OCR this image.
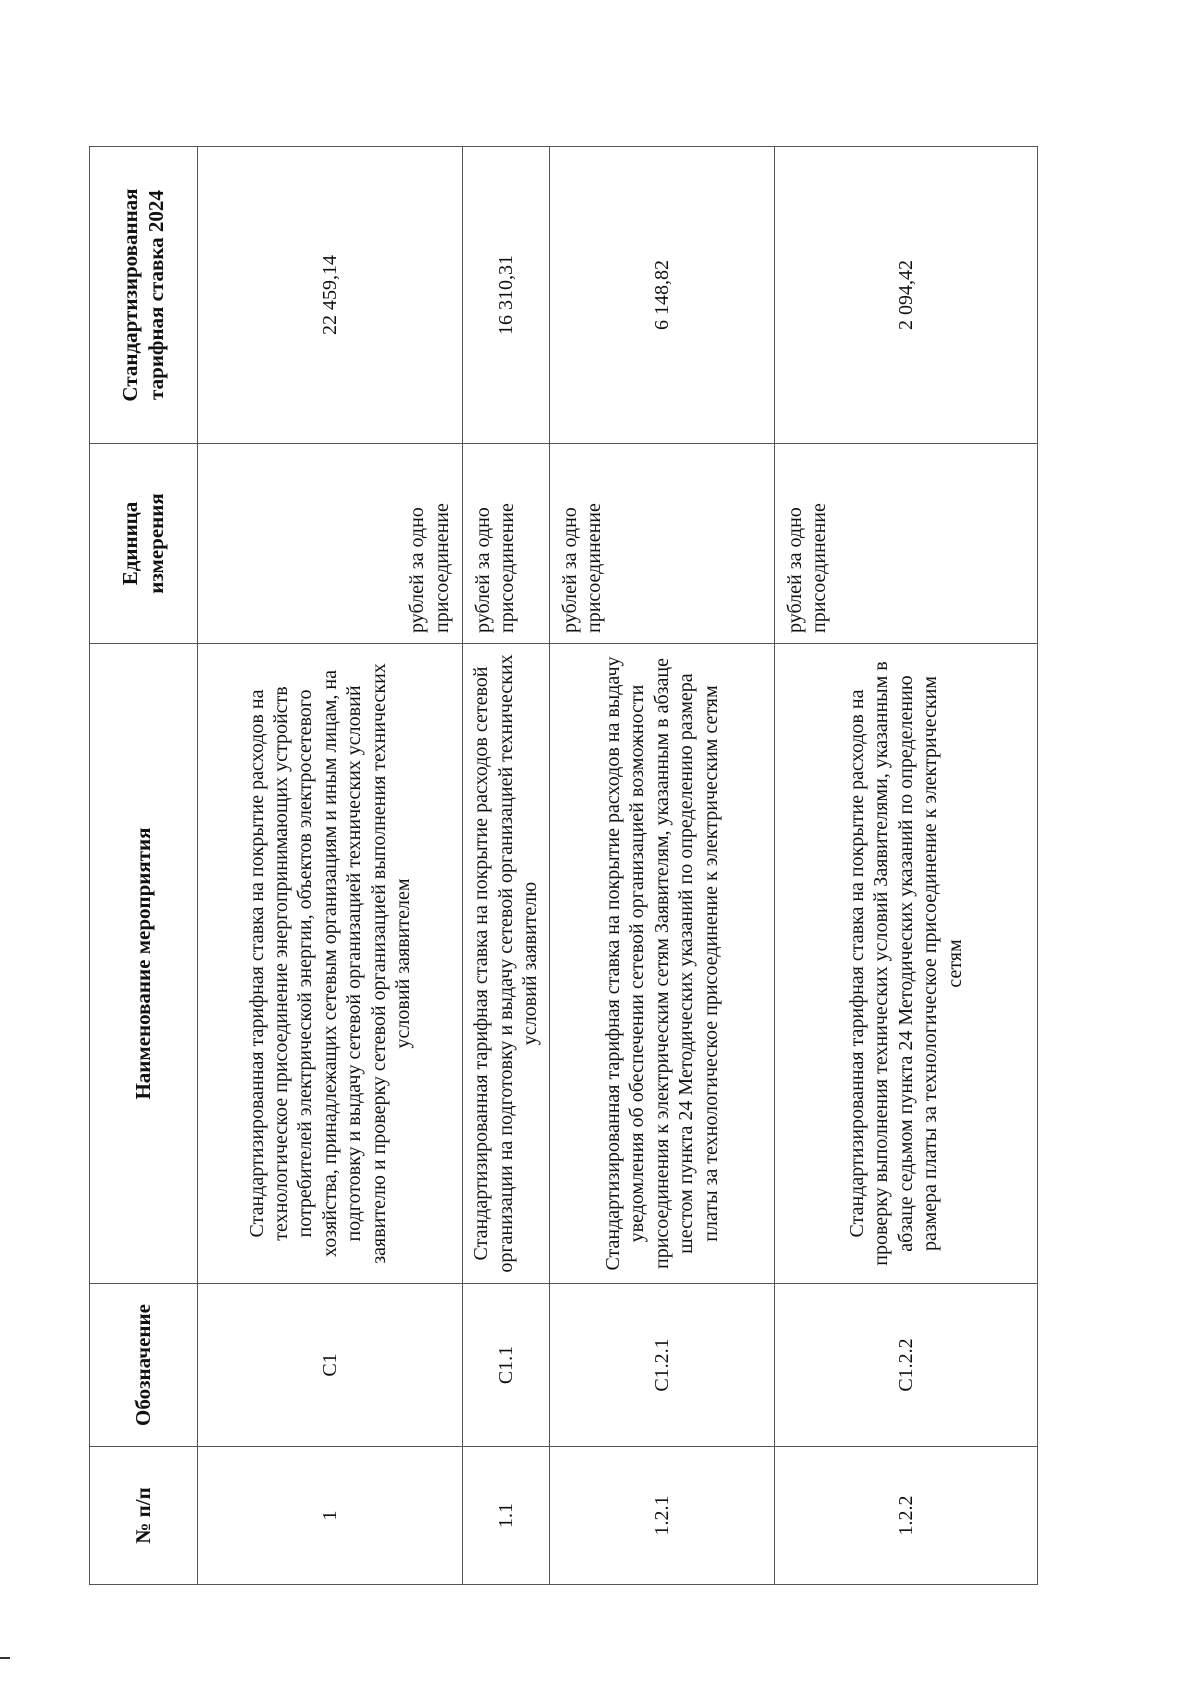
№ п/п	Обозначение	Наименование мероприятия	Единица измерения	Стандартизированная тарифная ставка 2024
1	С1	Стандартизированная тарифная ставка на покрытие расходов на технологическое присоединение энергопринимающих устройств потребителей электрической энергии, объектов электросетевого хозяйства, принадлежащих сетевым организациям и иным лицам, на подготовку и выдачу сетевой организацией технических условий заявителю и проверку сетевой организацией выполнения технических условий заявителем	рублей за одно присоединение	22 459,14
1.1	С1.1	Стандартизированная тарифная ставка на покрытие расходов сетевой организации на подготовку и выдачу сетевой организацией технических условий заявителю	рублей за одно присоединение	16 310,31
1.2.1	С1.2.1	Стандартизированная тарифная ставка на покрытие расходов на выдачу уведомления об обеспечении сетевой организацией возможности присоединения к электрическим сетям Заявителям, указанным в абзаце шестом пункта 24 Методических указаний по определению размера платы за технологическое присоединение к электрическим сетям	рублей за одно присоединение	6 148,82
1.2.2	С1.2.2	Стандартизированная тарифная ставка на покрытие расходов на проверку выполнения технических условий Заявителями, указанным в абзаце седьмом пункта 24 Методических указаний по определению размера платы за технологическое присоединение к электрическим сетям	рублей за одно присоединение	2 094,42
